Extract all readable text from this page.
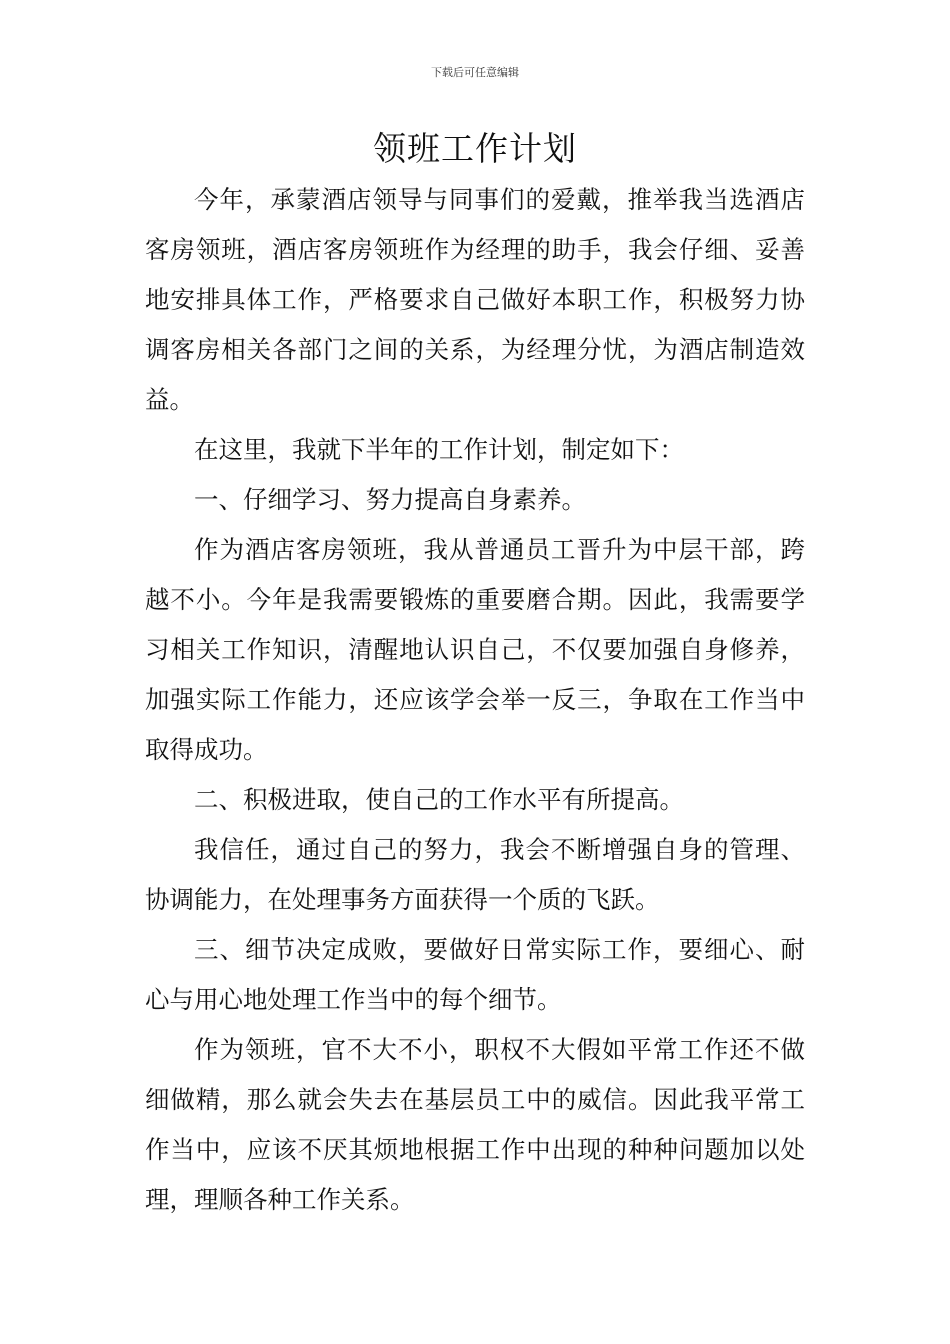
下载后可任意编辑
领班工作计划

今年，承蒙酒店领导与同事们的爱戴，推举我当选酒店客房领班，酒店客房领班作为经理的助手，我会仔细、妥善地安排具体工作，严格要求自己做好本职工作，积极努力协调客房相关各部门之间的关系，为经理分忧，为酒店制造效益。

在这里，我就下半年的工作计划，制定如下：

一、仔细学习、努力提高自身素养。

作为酒店客房领班，我从普通员工晋升为中层干部，跨越不小。今年是我需要锻炼的重要磨合期。因此，我需要学习相关工作知识，清醒地认识自己，不仅要加强自身修养，加强实际工作能力，还应该学会举一反三，争取在工作当中取得成功。

二、积极进取，使自己的工作水平有所提高。

我信任，通过自己的努力，我会不断增强自身的管理、协调能力，在处理事务方面获得一个质的飞跃。

三、细节决定成败，要做好日常实际工作，要细心、耐心与用心地处理工作当中的每个细节。

作为领班，官不大不小，职权不大假如平常工作还不做细做精，那么就会失去在基层员工中的威信。因此我平常工作当中，应该不厌其烦地根据工作中出现的种种问题加以处理，理顺各种工作关系。
